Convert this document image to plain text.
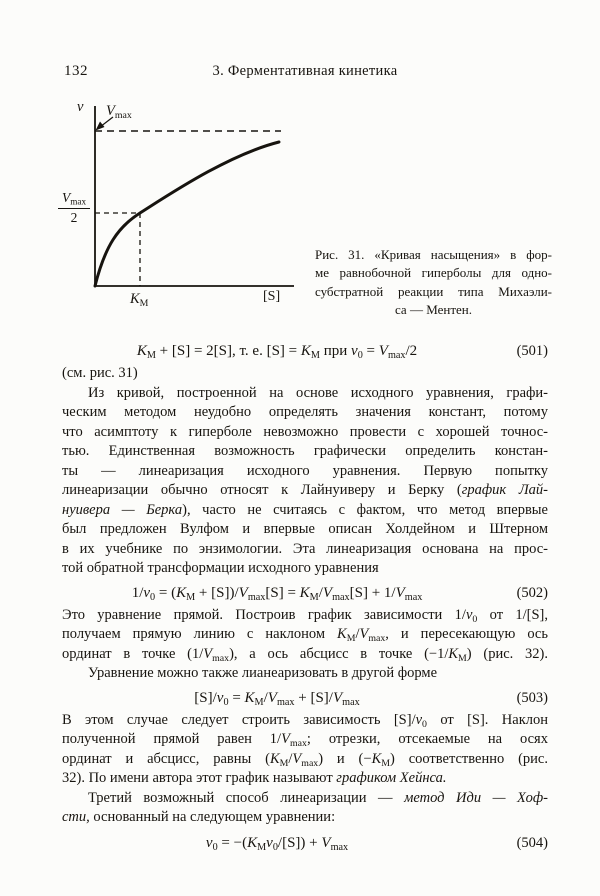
132	3. Ферментативная кинетика
v Vmax
Vmax
2
KМ	[S]
Рис. 31. «Кривая насыщения» в фор-
ме равнобочной гиперболы для одно-
субстратной реакции типа Михаэли-
са — Ментен.
KМ + [S] = 2[S], т. е. [S] = KМ при v0 = Vmax/2	(501)
(см. рис. 31)
Из кривой, построенной на основе исходного уравнения, графи-
ческим методом неудобно определять значения констант, потому
что асимптоту к гиперболе невозможно провести с хорошей точнос-
тью. Единственная возможность графически определить констан-
ты — линеаризация исходного уравнения. Первую попытку
линеаризации обычно относят к Лайнуиверу и Берку (график Лай-
нуивера — Берка), часто не считаясь с фактом, что метод впервые
был предложен Вулфом и впервые описан Холдейном и Штерном
в их учебнике по энзимологии. Эта линеаризация основана на прос-
той обратной трансформации исходного уравнения
1/v0 = (KМ + [S])/Vmax[S] = KМ/Vmax[S] + 1/Vmax	(502)
Это уравнение прямой. Построив график зависимости 1/v0 от 1/[S],
получаем прямую линию с наклоном KМ/Vmax, и пересекающую ось
ординат в точке (1/Vmax), а ось абсцисс в точке (−1/KМ) (рис. 32).
Уравнение можно также лианеаризовать в другой форме
[S]/v0 = KМ/Vmax + [S]/Vmax	(503)
В этом случае следует строить зависимость [S]/v0 от [S]. Наклон
полученной прямой равен 1/Vmax; отрезки, отсекаемые на осях
ординат и абсцисс, равны (KМ/Vmax) и (−KМ) соответственно (рис.
32). По имени автора этот график называют графиком Хейнса.
Третий возможный способ линеаризации — метод Иди — Хоф-
сти, основанный на следующем уравнении:
v0 = −(KМv0/[S]) + Vmax	(504)
